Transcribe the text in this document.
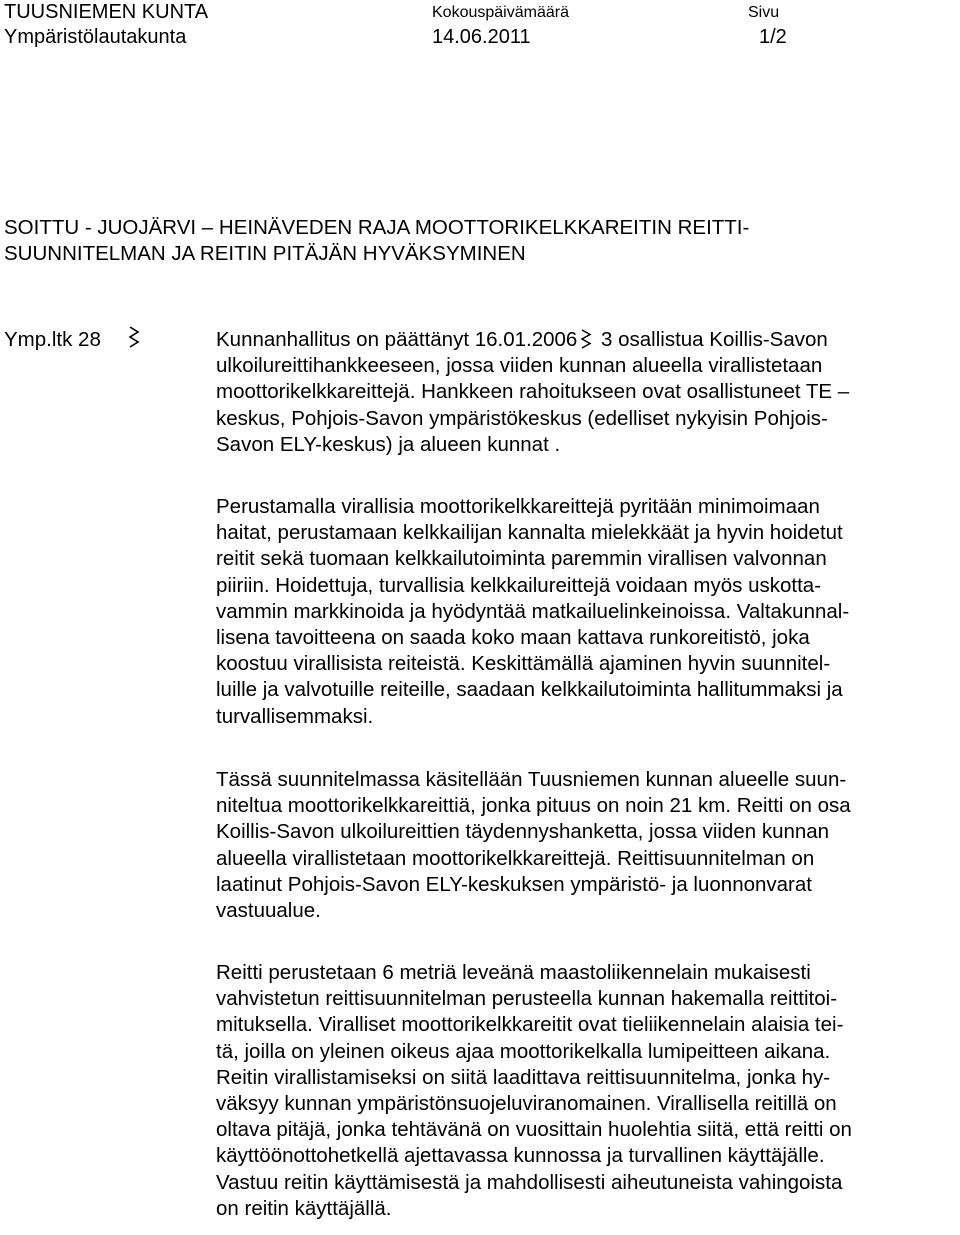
TUUSNIEMEN KUNTA
Ympäristölautakunta
Kokouspäivämäärä
14.06.2011
Sivu
1/2
SOITTU - JUOJÄRVI – HEINÄVEDEN RAJA MOOTTORIKELKKAREITIN REITTI-
SUUNNITELMAN JA REITIN PITÄJÄN HYVÄKSYMINEN
Ymp.ltk 28	Kunnanhallitus on päättänyt 16.01.2006 3 osallistua Koillis-Savon
ulkoilureittihankkeeseen, jossa viiden kunnan alueella virallistetaan
moottorikelkkareittejä. Hankkeen rahoitukseen ovat osallistuneet TE –
keskus, Pohjois-Savon ympäristökeskus (edelliset nykyisin Pohjois-
Savon ELY-keskus) ja alueen kunnat .
Perustamalla virallisia moottorikelkkareittejä pyritään minimoimaan
haitat, perustamaan kelkkailijan kannalta mielekkäät ja hyvin hoidetut
reitit sekä tuomaan kelkkailutoiminta paremmin virallisen valvonnan
piiriin. Hoidettuja, turvallisia kelkkailureittejä voidaan myös uskotta-
vammin markkinoida ja hyödyntää matkailuelinkeinoissa. Valtakunnal-
lisena tavoitteena on saada koko maan kattava runkoreitistö, joka
koostuu virallisista reiteistä. Keskittämällä ajaminen hyvin suunnitel-
luille ja valvotuille reiteille, saadaan kelkkailutoiminta hallitummaksi ja
turvallisemmaksi.
Tässä suunnitelmassa käsitellään Tuusniemen kunnan alueelle suun-
niteltua moottorikelkkareittiä, jonka pituus on noin 21 km. Reitti on osa
Koillis-Savon ulkoilureittien täydennyshanketta, jossa viiden kunnan
alueella virallistetaan moottorikelkkareittejä. Reittisuunnitelman on
laatinut Pohjois-Savon ELY-keskuksen ympäristö- ja luonnonvarat
vastuualue.
Reitti perustetaan 6 metriä leveänä maastoliikennelain mukaisesti
vahvistetun reittisuunnitelman perusteella kunnan hakemalla reittitoi-
mituksella. Viralliset moottorikelkkareitit ovat tieliikennelain alaisia tei-
tä, joilla on yleinen oikeus ajaa moottorikelkalla lumipeitteen aikana.
Reitin virallistamiseksi on siitä laadittava reittisuunnitelma, jonka hy-
väksyy kunnan ympäristönsuojeluviranomainen. Virallisella reitillä on
oltava pitäjä, jonka tehtävänä on vuosittain huolehtia siitä, että reitti on
käyttöönottohetkellä ajettavassa kunnossa ja turvallinen käyttäjälle.
Vastuu reitin käyttämisestä ja mahdollisesti aiheutuneista vahingoista
on reitin käyttäjällä.
